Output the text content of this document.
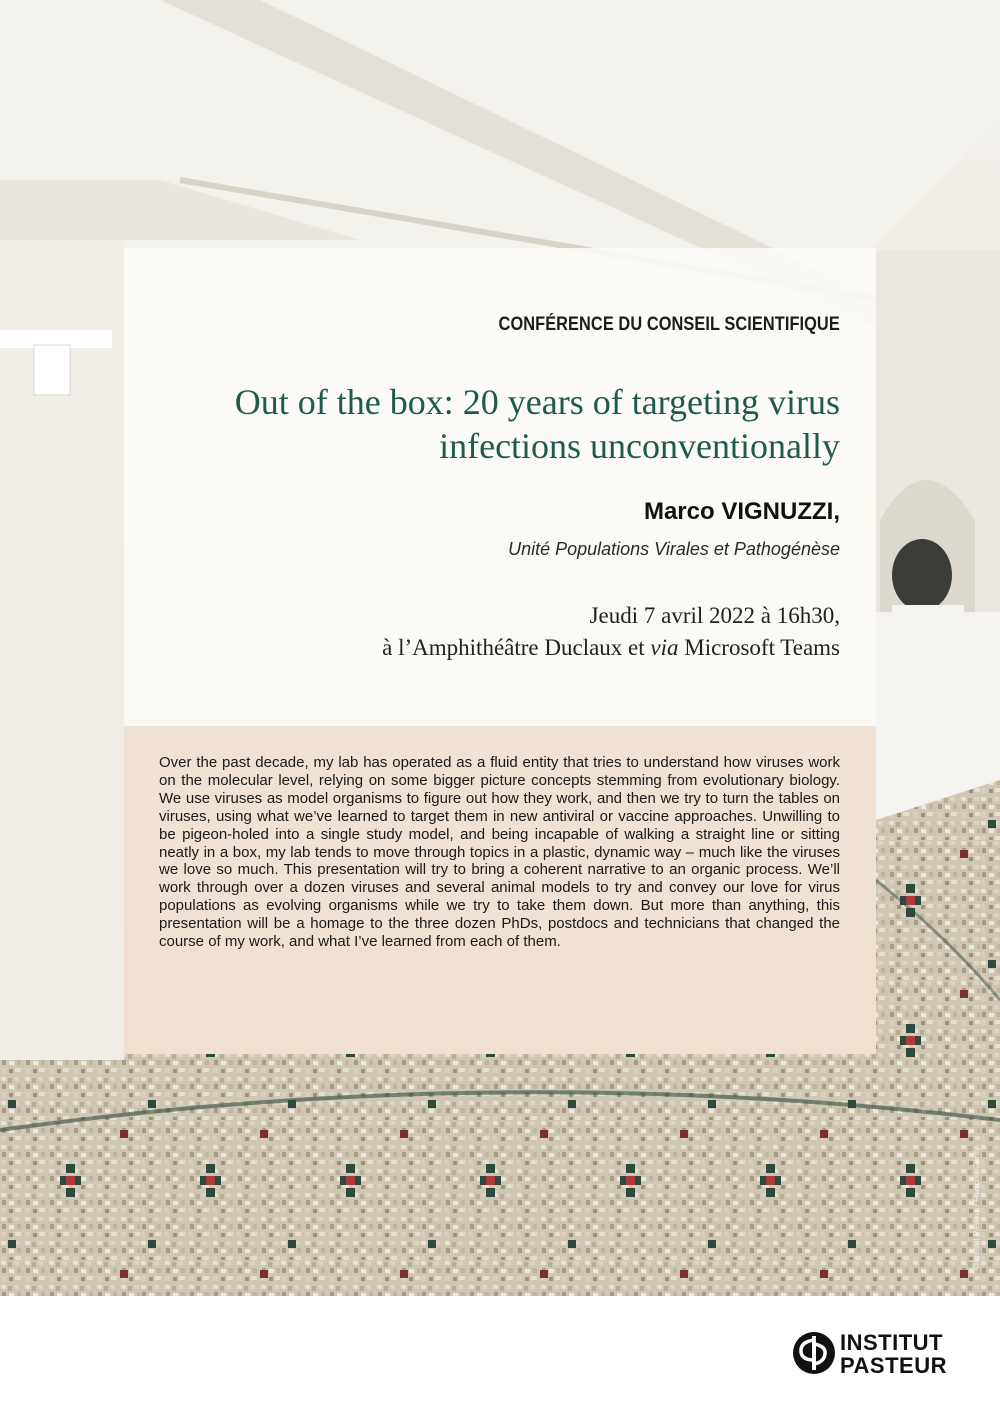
CONFÉRENCE DU CONSEIL SCIENTIFIQUE
Out of the box: 20 years of targeting virus infections unconventionally
Marco VIGNUZZI,
Unité Populations Virales et Pathogénèse
Jeudi 7 avril 2022 à 16h30,
à l’Amphithéâtre Duclaux et via Microsoft Teams
Over the past decade, my lab has operated as a fluid entity that tries to understand how viruses work on the molecular level, relying on some bigger picture concepts stemming from evolutionary biology. We use viruses as model organisms to figure out how they work, and then we try to turn the tables on viruses, using what we’ve learned to target them in new antiviral or vaccine approaches. Unwilling to be pigeon-holed into a single study model, and being incapable of walking a straight line or sitting neatly in a box, my lab tends to move through topics in a plastic, dynamic way – much like the viruses we love so much. This presentation will try to bring a coherent narrative to an organic process. We’ll work through over a dozen viruses and several animal models to try and convey our love for virus populations as evolving organisms while we try to take them down. But more than anything, this presentation will be a homage to the three dozen PhDs, postdocs and technicians that changed the course of my work, and what I’ve learned from each of them.
© Institut Pasteur / François Gardy
INSTITUT
PASTEUR
